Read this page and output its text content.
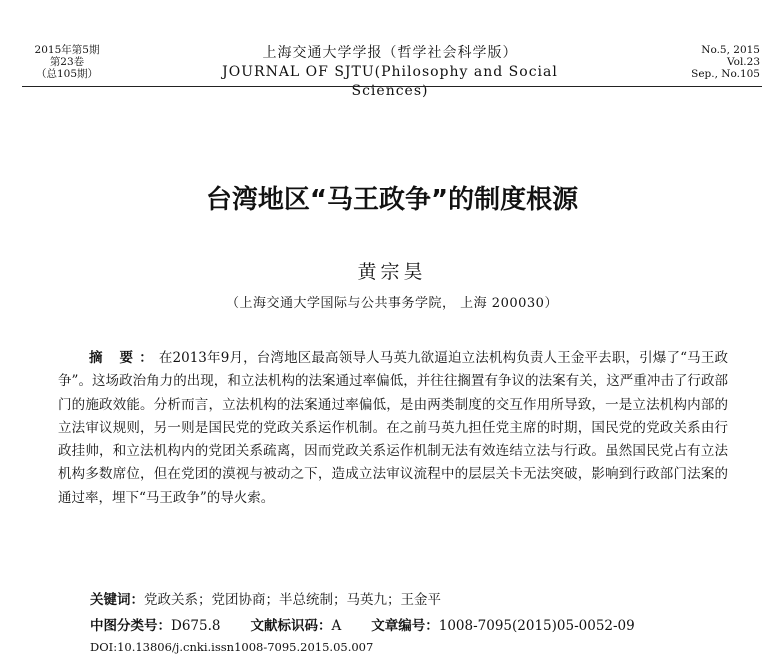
2015年第5期
第23卷
（总105期）
上海交通大学学报（哲学社会科学版）
JOURNAL OF SJTU(Philosophy and Social Sciences)
No.5, 2015
Vol.23
Sep., No.105
台湾地区“马王政争”的制度根源
黄宗昊
（上海交通大学国际与公共事务学院， 上海 200030）

摘 要：在2013年9月，台湾地区最高领导人马英九欲逼迫立法机构负责人王金平去职，引爆了“马王政争”。这场政治角力的出现，和立法机构的法案通过率偏低，并往往搁置有争议的法案有关，这严重冲击了行政部门的施政效能。分析而言，立法机构的法案通过率偏低，是由两类制度的交互作用所导致，一是立法机构内部的立法审议规则，另一则是国民党的党政关系运作机制。在之前马英九担任党主席的时期，国民党的党政关系由行政挂帅，和立法机构内的党团关系疏离，因而党政关系运作机制无法有效连结立法与行政。虽然国民党占有立法机构多数席位，但在党团的漠视与被动之下，造成立法审议流程中的层层关卡无法突破，影响到行政部门法案的通过率，埋下“马王政争”的导火索。

关键词：党政关系；党团协商；半总统制；马英九；王金平
中图分类号：D675.8 文献标识码：A 文章编号：1008-7095(2015)05-0052-09
DOI:10.13806/j.cnki.issn1008-7095.2015.05.007
